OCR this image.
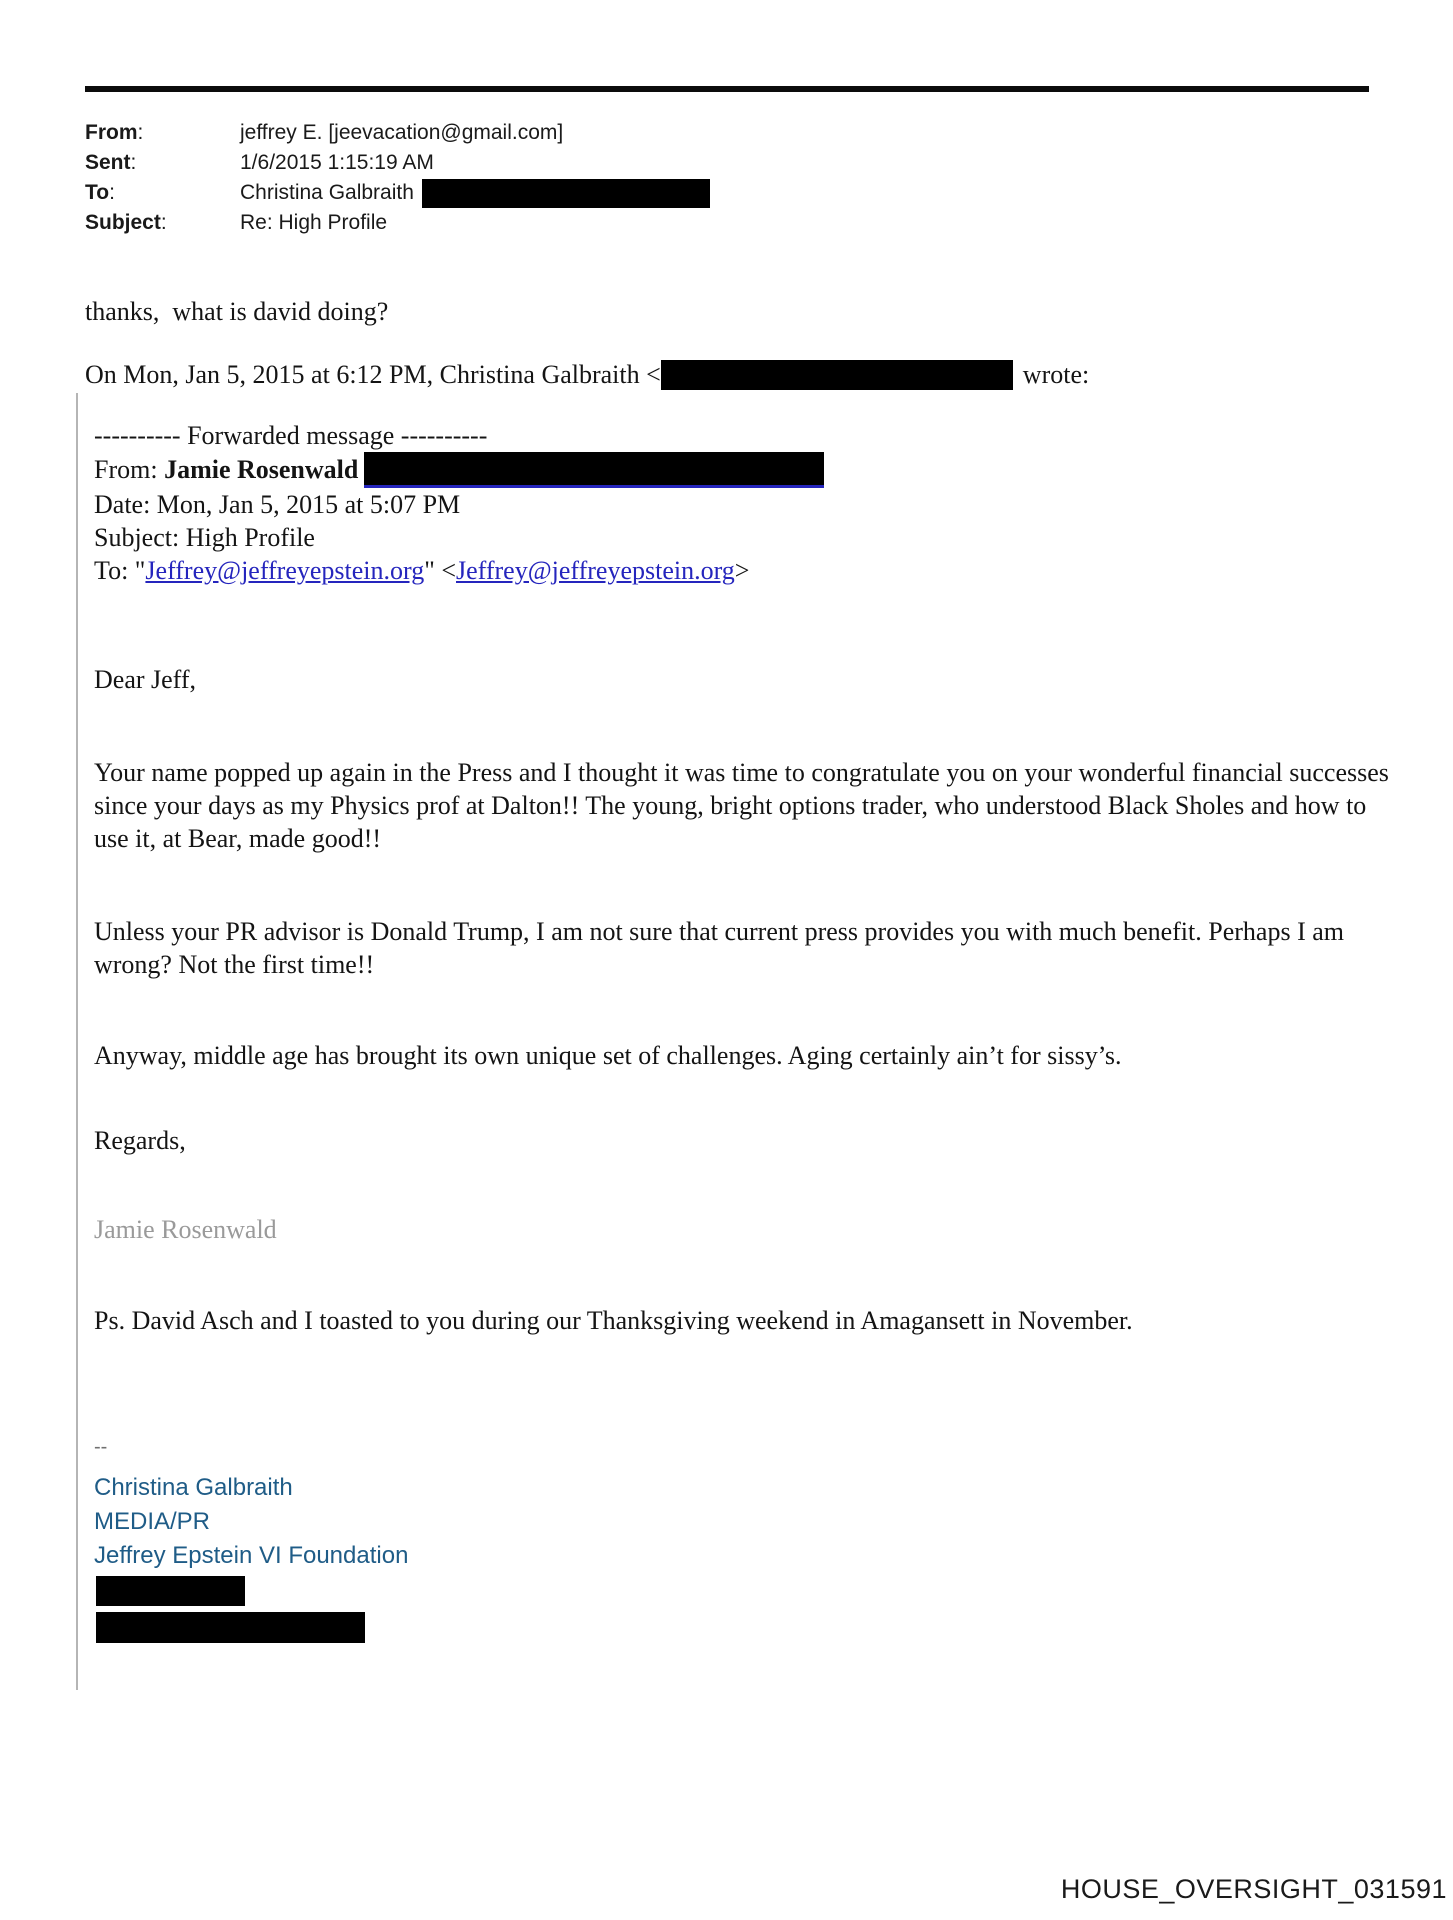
From:	jeffrey E. [jeevacation@gmail.com]
Sent:	1/6/2015 1:15:19 AM
To:	Christina Galbraith
Subject:	Re: High Profile
thanks,  what is david doing?
On Mon, Jan 5, 2015 at 6:12 PM, Christina Galbraith <	wrote:

---------- Forwarded message ----------

From: Jamie Rosenwald

Date: Mon, Jan 5, 2015 at 5:07 PM

Subject: High Profile

To: "Jeffrey@jeffreyepstein.org" <Jeffrey@jeffreyepstein.org>

Dear Jeff,

Your name popped up again in the Press and I thought it was time to congratulate you on your wonderful financial successes since your days as my Physics prof at Dalton!! The young, bright options trader, who understood Black Sholes and how to use it, at Bear, made good!!

Unless your PR advisor is Donald Trump, I am not sure that current press provides you with much benefit. Perhaps I am wrong? Not the first time!!

Anyway, middle age has brought its own unique set of challenges. Aging certainly ain’t for sissy’s.

Regards,

Jamie Rosenwald

Ps. David Asch and I toasted to you during our Thanksgiving weekend in Amagansett in November.

--

Christina Galbraith

MEDIA/PR

Jeffrey Epstein VI Foundation

HOUSE_OVERSIGHT_031591
